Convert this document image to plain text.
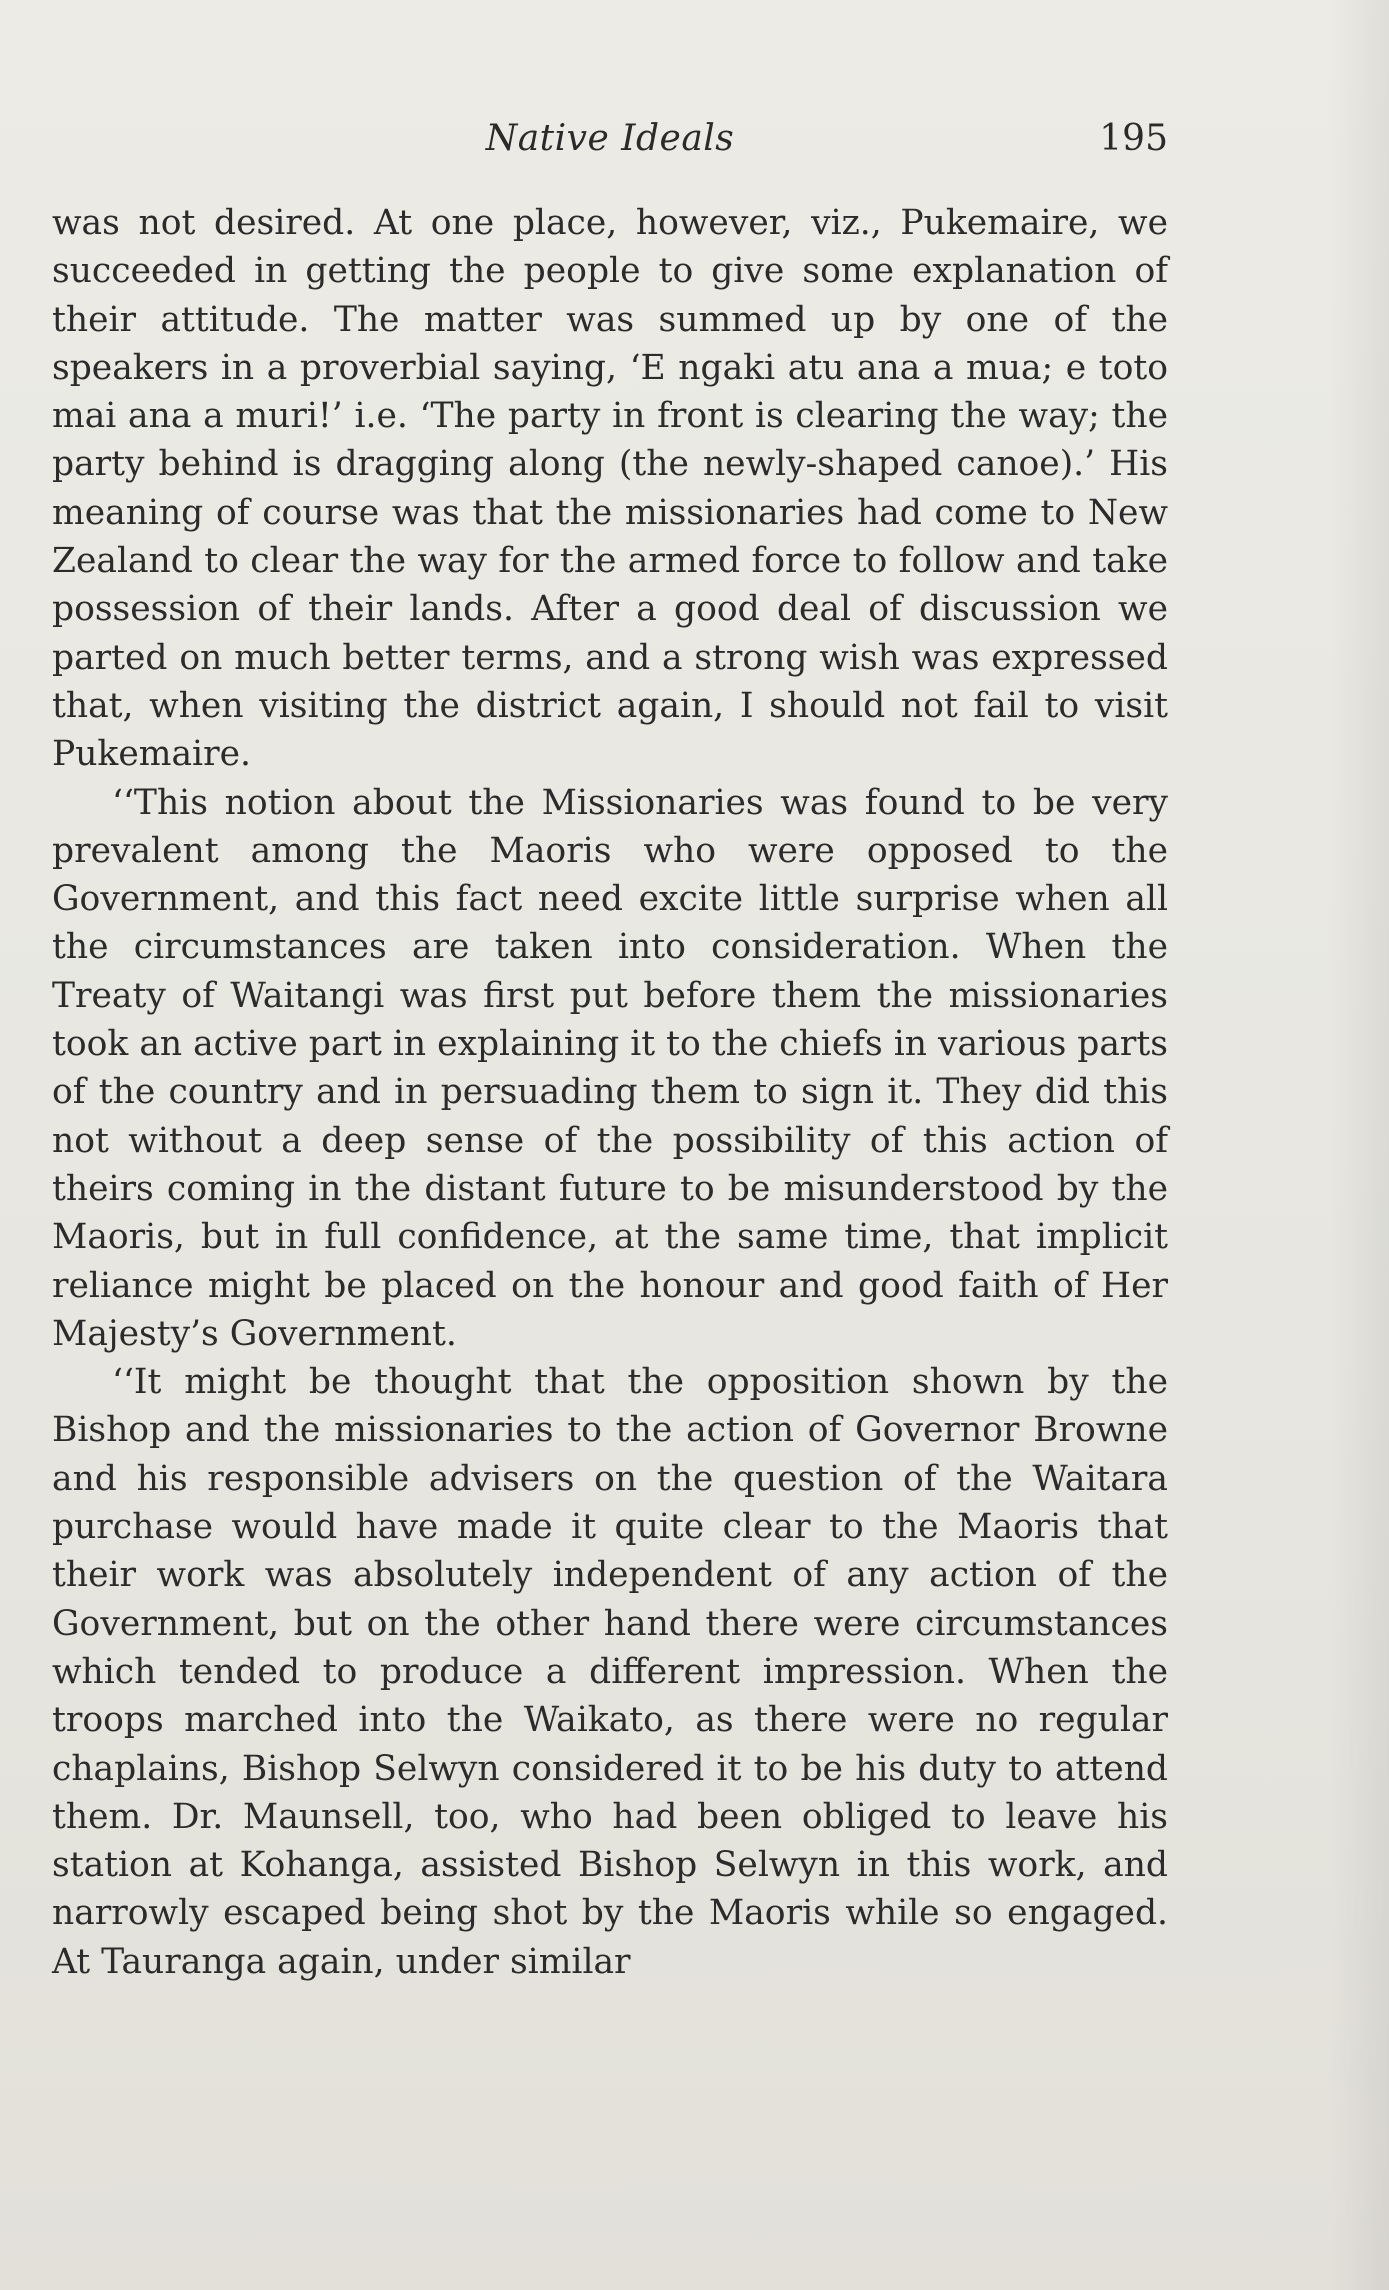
Native Ideals	195

was not desired. At one place, however, viz., Pukemaire, we succeeded in getting the people to give some explanation of their attitude. The matter was summed up by one of the speakers in a proverbial saying, ‘E ngaki atu ana a mua; e toto mai ana a muri!’ i.e. ‘The party in front is clearing the way; the party behind is dragging along (the newly-shaped canoe).’ His meaning of course was that the missionaries had come to New Zealand to clear the way for the armed force to follow and take possession of their lands. After a good deal of discussion we parted on much better terms, and a strong wish was expressed that, when visiting the district again, I should not fail to visit Pukemaire.

‘‘This notion about the Missionaries was found to be very prevalent among the Maoris who were opposed to the Government, and this fact need excite little surprise when all the circumstances are taken into consideration. When the Treaty of Waitangi was first put before them the missionaries took an active part in explaining it to the chiefs in various parts of the country and in persuading them to sign it. They did this not without a deep sense of the possibility of this action of theirs coming in the distant future to be misunderstood by the Maoris, but in full confidence, at the same time, that implicit reliance might be placed on the honour and good faith of Her Majesty’s Government.

‘‘It might be thought that the opposition shown by the Bishop and the missionaries to the action of Governor Browne and his responsible advisers on the question of the Waitara purchase would have made it quite clear to the Maoris that their work was absolutely independent of any action of the Government, but on the other hand there were circumstances which tended to produce a different impression. When the troops marched into the Waikato, as there were no regular chaplains, Bishop Selwyn considered it to be his duty to attend them. Dr. Maunsell, too, who had been obliged to leave his station at Kohanga, assisted Bishop Selwyn in this work, and narrowly escaped being shot by the Maoris while so engaged. At Tauranga again, under similar
